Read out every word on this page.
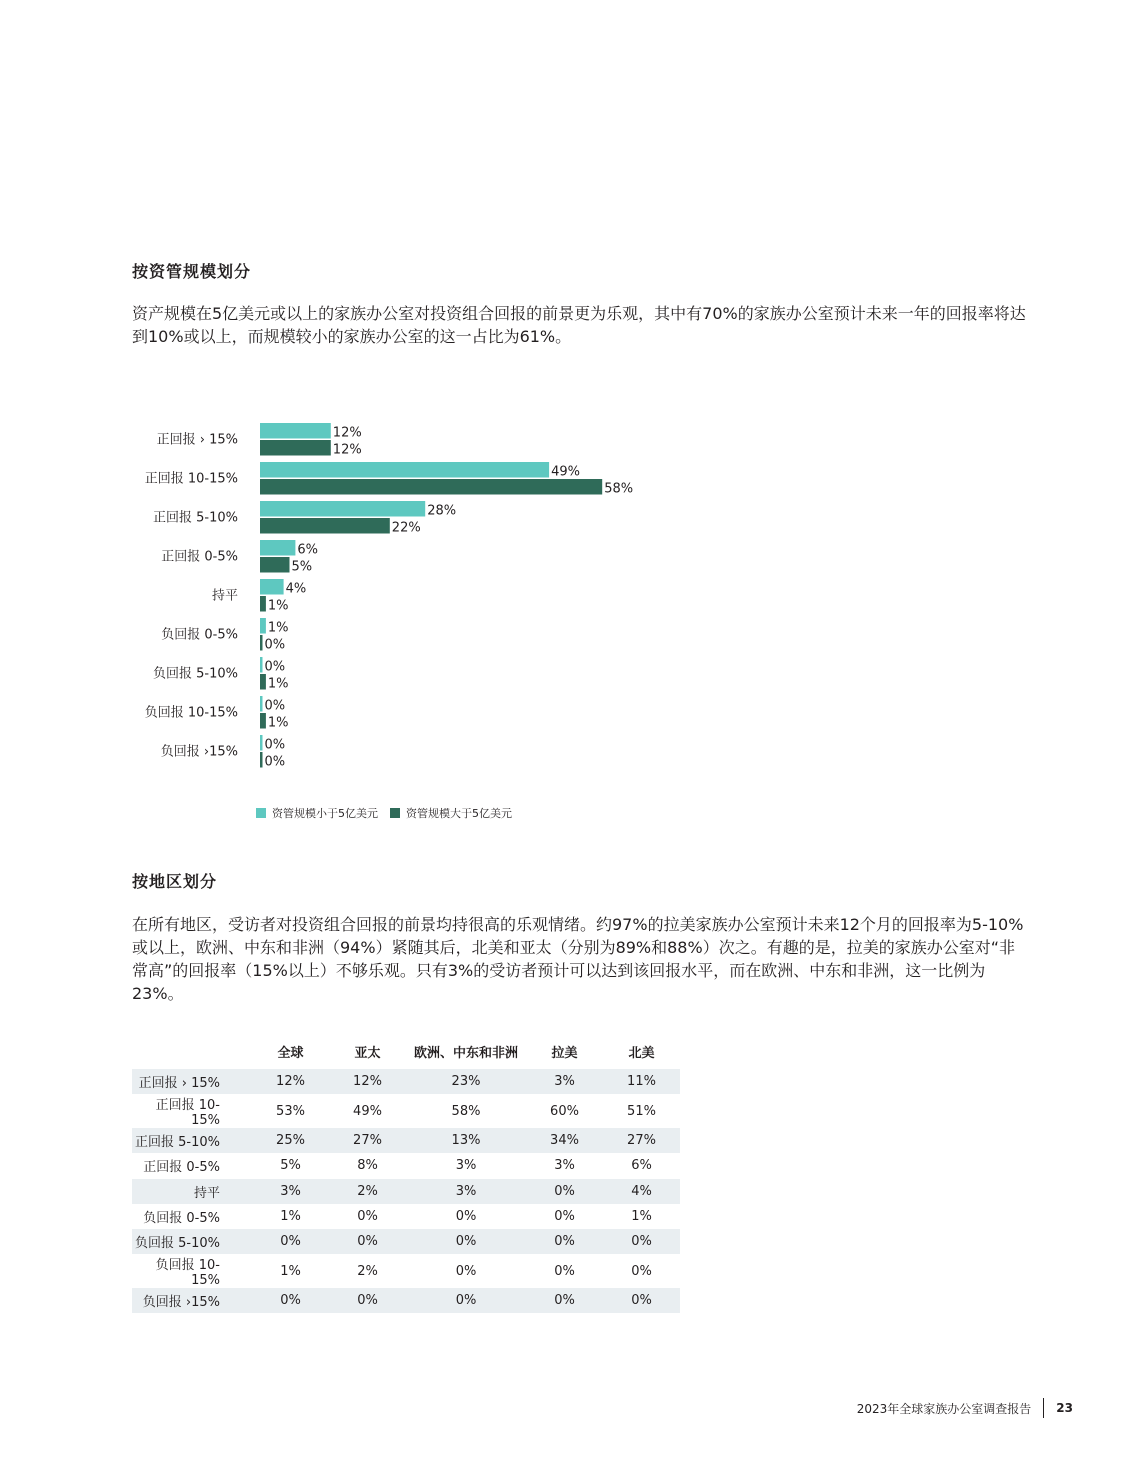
按资管规模划分
资产规模在5亿美元或以上的家族办公室对投资组合回报的前景更为乐观，其中有70%的家族办公室预计未来一年的回报率将达到10%或以上，而规模较小的家族办公室的这一占比为61%。
正回报 › 15%	12%
12%
正回报 10-15%	49%
58%
正回报 5-10%	28%
22%
正回报 0-5%	6%
5%
持平	4%
1%
负回报 0-5% 1%
0%
负回报 5-10% 0%
1%
负回报 10-15% 0%
1%
负回报 ›15% 0%
0%
资管规模小于5亿美元	资管规模大于5亿美元
按地区划分
在所有地区，受访者对投资组合回报的前景均持很高的乐观情绪。约97%的拉美家族办公室预计未来12个月的回报率为5-10%或以上，欧洲、中东和非洲（94%）紧随其后，北美和亚太（分别为89%和88%）次之。有趣的是，拉美的家族办公室对“非常高”的回报率（15%以上）不够乐观。只有3%的受访者预计可以达到该回报水平，而在欧洲、中东和非洲，这一比例为23%。
	全球	亚太	欧洲、中东和非洲	拉美	北美
正回报 › 15%	12%	12%	23%	3%	11%
正回报 10-15%	53%	49%	58%	60%	51%
正回报 5-10%	25%	27%	13%	34%	27%
正回报 0-5%	5%	8%	3%	3%	6%
持平	3%	2%	3%	0%	4%
负回报 0-5%	1%	0%	0%	0%	1%
负回报 5-10%	0%	0%	0%	0%	0%
负回报 10-15%	1%	2%	0%	0%	0%
负回报 ›15%	0%	0%	0%	0%	0%
2023年全球家族办公室调查报告 23
